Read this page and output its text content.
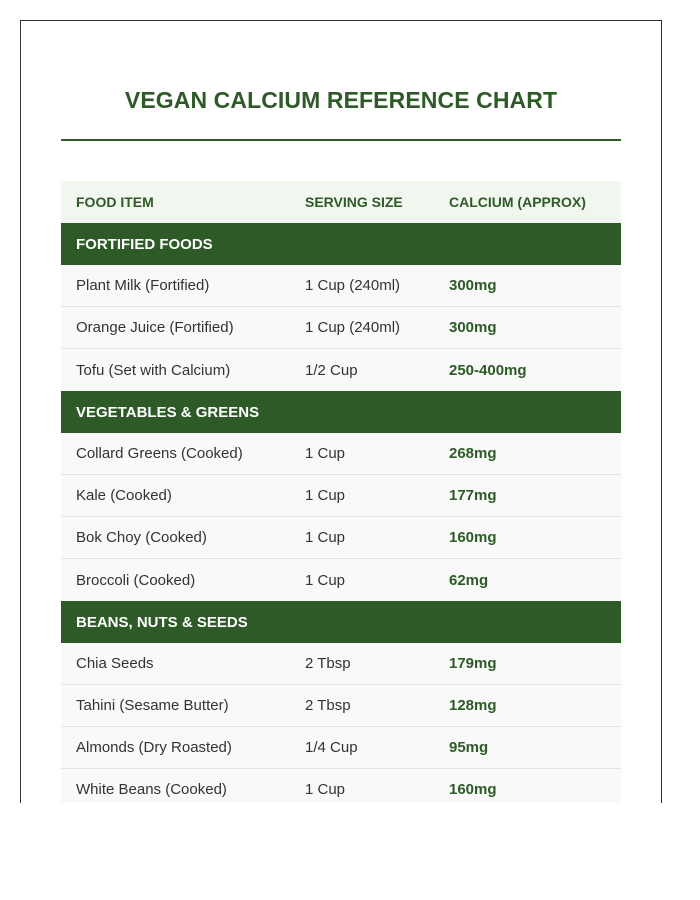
VEGAN CALCIUM REFERENCE CHART
FOOD ITEM	SERVING SIZE	CALCIUM (APPROX)
FORTIFIED FOODS
Plant Milk (Fortified)	1 Cup (240ml)	300mg
Orange Juice (Fortified)	1 Cup (240ml)	300mg
Tofu (Set with Calcium)	1/2 Cup	250-400mg
VEGETABLES & GREENS
Collard Greens (Cooked)	1 Cup	268mg
Kale (Cooked)	1 Cup	177mg
Bok Choy (Cooked)	1 Cup	160mg
Broccoli (Cooked)	1 Cup	62mg
BEANS, NUTS & SEEDS
Chia Seeds	2 Tbsp	179mg
Tahini (Sesame Butter)	2 Tbsp	128mg
Almonds (Dry Roasted)	1/4 Cup	95mg
White Beans (Cooked)	1 Cup	160mg
